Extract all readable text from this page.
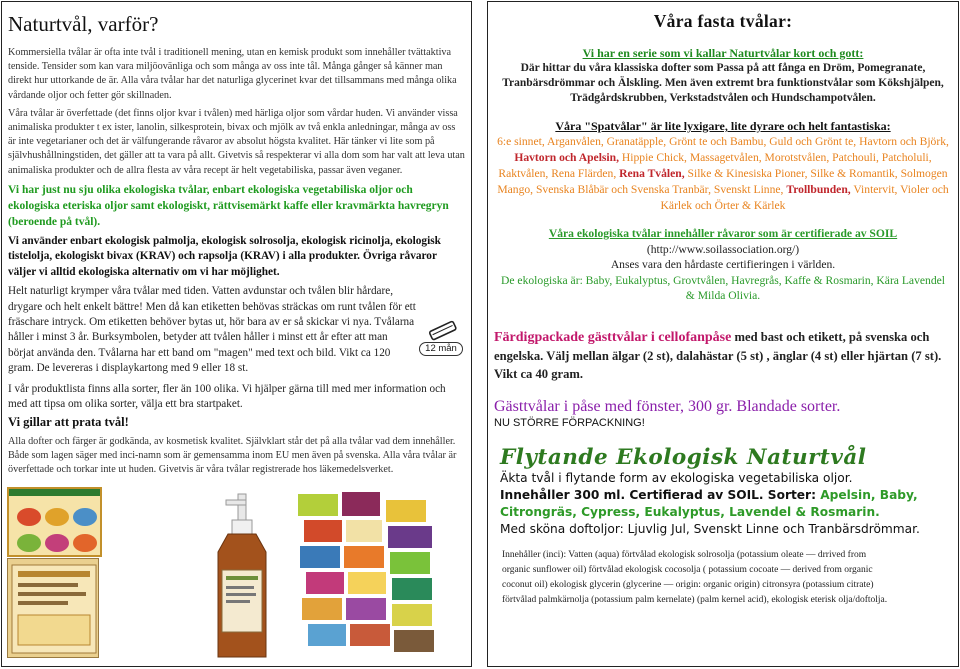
Naturtvål, varför?
Kommersiella tvålar är ofta inte tvål i traditionell mening, utan en kemisk produkt som innehåller tvättaktiva tenside. Tensider som kan vara miljöovänliga och som många av oss inte tål. Många gånger så känner man direkt hur uttorkande de är. Alla våra tvålar har det naturliga glycerinet kvar det tillsammans med många olika vårdande oljor och fetter gör skillnaden.
Våra tvålar är överfettade (det finns oljor kvar i tvålen) med härliga oljor som vårdar huden. Vi använder vissa animaliska produkter t ex ister, lanolin, silkesprotein, bivax och mjölk av två enkla anledningar, många av oss är inte vegetarianer och det är välfungerande råvaror av absolut högsta kvalitet. Här tänker vi lite som på självhushållningstiden, det gäller att ta vara på allt. Givetvis så respekterar vi alla dom som har valt att leva utan animaliska produkter och de allra flesta av våra recept är helt vegetabiliska, passar även veganer.
Vi har just nu sju olika ekologiska tvålar, enbart ekologiska vegetabiliska oljor och ekologiska eteriska oljor samt ekologiskt, rättvisemärkt kaffe eller kravmärkta havregryn (beroende på tvål).
Vi använder enbart ekologisk palmolja, ekologisk solrosolja, ekologisk ricinolja, ekologisk tistelolja, ekologiskt bivax (KRAV) och rapsolja (KRAV) i alla produkter. Övriga råvaror väljer vi alltid ekologiska alternativ om vi har möjlighet.
Helt naturligt krymper våra tvålar med tiden. Vatten avdunstar och tvålen blir hårdare, drygare och helt enkelt bättre! Men då kan etiketten behövas sträckas om runt tvålen för ett fräschare intryck. Om etiketten behöver bytas ut, hör bara av er så skickar vi nya. Tvålarna håller i minst 3 år. Burksymbolen, betyder att tvålen håller i minst ett år efter att man börjat använda den. Tvålarna har ett band om "magen" med text och bild. Vikt ca 120 gram. De levereras i displaykartong med 9 eller 18 st.
I vår produktlista finns alla sorter, fler än 100 olika. Vi hjälper gärna till med mer information och med att tipsa om olika sorter, välja ett bra startpaket.
Vi gillar att prata tvål!
Alla dofter och färger är godkända, av kosmetisk kvalitet. Självklart står det på alla tvålar vad dem innehåller. Både som lagen säger med inci-namn som är gemensamma inom EU men även på svenska. Alla våra tvålar är överfettade och torkar inte ut huden. Givetvis är våra tvålar registrerade hos läkemedelsverket.
12 mån
Våra fasta tvålar:
Vi har en serie som vi kallar Naturtvålar kort och gott:
Där hittar du våra klassiska dofter som Passa på att fånga en Dröm, Pomegranate, Tranbärsdrömmar och Älskling. Men även extremt bra funktionstvålar som Kökshjälpen, Trädgårdskrubben, Verkstadstvålen och Hundschampotvålen.
Våra "Spatvålar" är lite lyxigare, lite dyrare och helt fantastiska:
6:e sinnet, Arganvålen, Granatäpple, Grönt te och Bambu, Guld och Grönt te, Havtorn och Björk, Havtorn och Apelsin, Hippie Chick, Massagetvålen, Morotstvålen, Patchouli, Patcholuli, Raktvålen, Rena Flärden, Rena Tvålen, Silke & Kinesiska Pioner, Silke & Romantik, Solmogen Mango, Svenska Blåbär och Svenska Tranbär, Svenskt Linne, Trollbunden, Vintervit, Violer och Kärlek och Örter & Kärlek
Våra ekologiska tvålar innehåller råvaror som är certifierade av SOIL
(http://www.soilassociation.org/)
Anses vara den hårdaste certifieringen i världen.
De ekologiska är: Baby, Eukalyptus, Grovtvålen, Havregrås, Kaffe & Rosmarin, Kära Lavendel & Milda Olivia.
Färdigpackade gästtvålar i cellofanpåse med bast och etikett, på svenska och engelska. Välj mellan älgar (2 st), dalahästar (5 st) , änglar (4 st) eller hjärtan (7 st). Vikt ca 40 gram.
Gästtvålar i påse med fönster, 300 gr. Blandade sorter.
NU STÖRRE FÖRPACKNING!
Flytande Ekologisk Naturtvål
Äkta tvål i flytande form av ekologiska vegetabiliska oljor.
Innehåller 300 ml. Certifierad av SOIL. Sorter: Apelsin, Baby,
Citrongräs, Cypress, Eukalyptus, Lavendel & Rosmarin.
Med sköna doftoljor: Ljuvlig Jul, Svenskt Linne och Tranbärsdrömmar.
Innehåller (inci): Vatten (aqua) förtvålad ekologisk solrosolja (potassium oleate — drrived from
organic sunflower oil) förtvålad ekologisk cocosolja ( potassium cocoate — derived from organic
coconut oil) ekologisk glycerin (glycerine — origin: organic origin) citronsyra (potassium citrate)
förtvålad palmkärnolja (potassium palm kernelate) (palm kernel acid), ekologisk eterisk olja/doftolja.
